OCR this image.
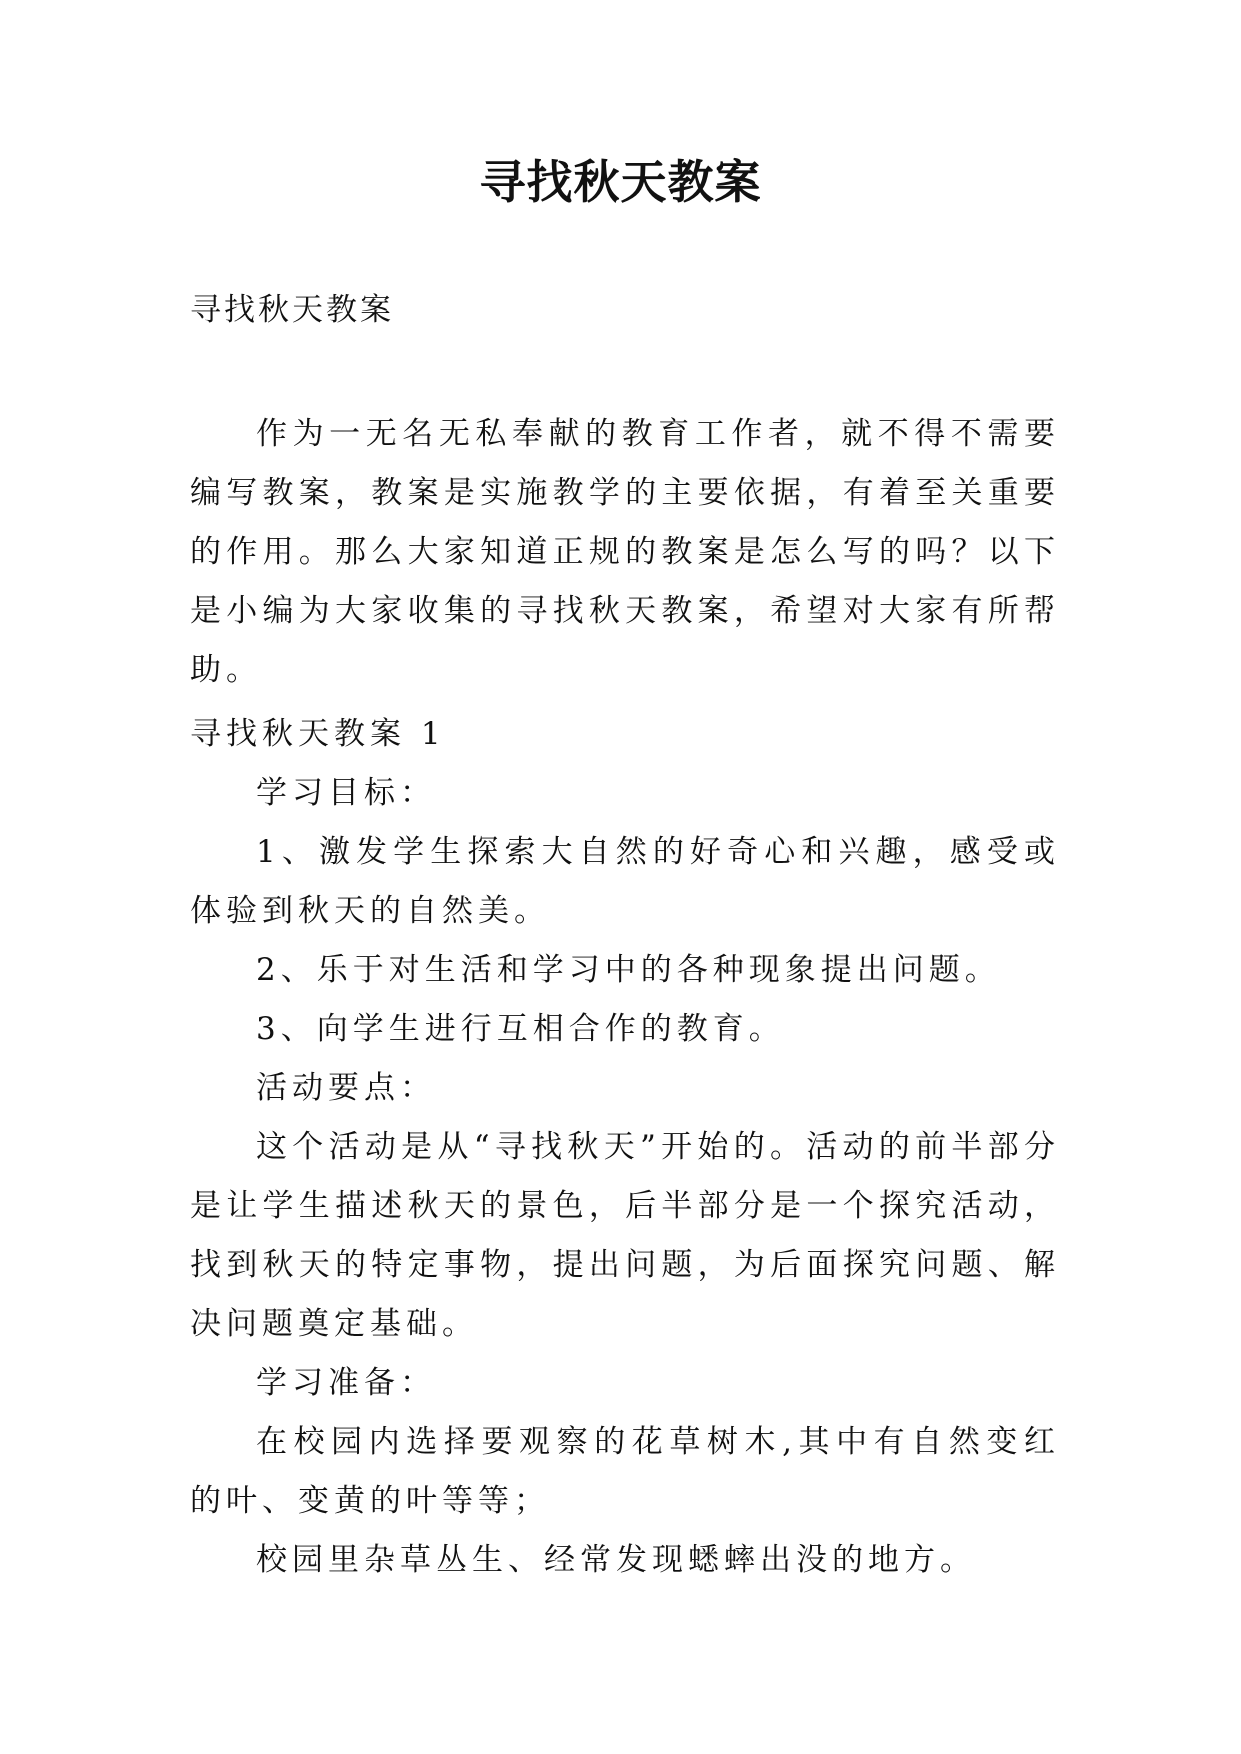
寻找秋天教案

寻找秋天教案

作为一无名无私奉献的教育工作者，就不得不需要编写教案，教案是实施教学的主要依据，有着至关重要的作用。那么大家知道正规的教案是怎么写的吗？以下是小编为大家收集的寻找秋天教案，希望对大家有所帮助。

寻找秋天教案 1

学习目标：

1、激发学生探索大自然的好奇心和兴趣，感受或体验到秋天的自然美。

2、乐于对生活和学习中的各种现象提出问题。

3、向学生进行互相合作的教育。

活动要点：

这个活动是从“寻找秋天”开始的。活动的前半部分是让学生描述秋天的景色，后半部分是一个探究活动，找到秋天的特定事物，提出问题，为后面探究问题、解决问题奠定基础。

学习准备：

在校园内选择要观察的花草树木,其中有自然变红的叶、变黄的叶等等；

校园里杂草丛生、经常发现蟋蟀出没的地方。
